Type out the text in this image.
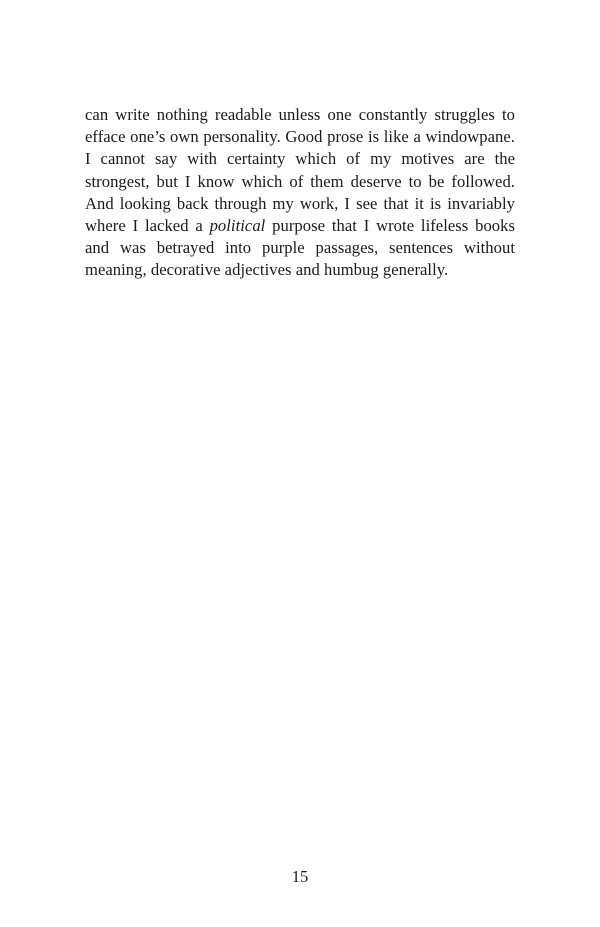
can write nothing readable unless one constantly struggles to efface one’s own personality. Good prose is like a windowpane. I cannot say with certainty which of my motives are the strongest, but I know which of them deserve to be followed. And looking back through my work, I see that it is invariably where I lacked a political purpose that I wrote lifeless books and was betrayed into purple passages, sentences without meaning, decorative adjectives and humbug generally.

15
